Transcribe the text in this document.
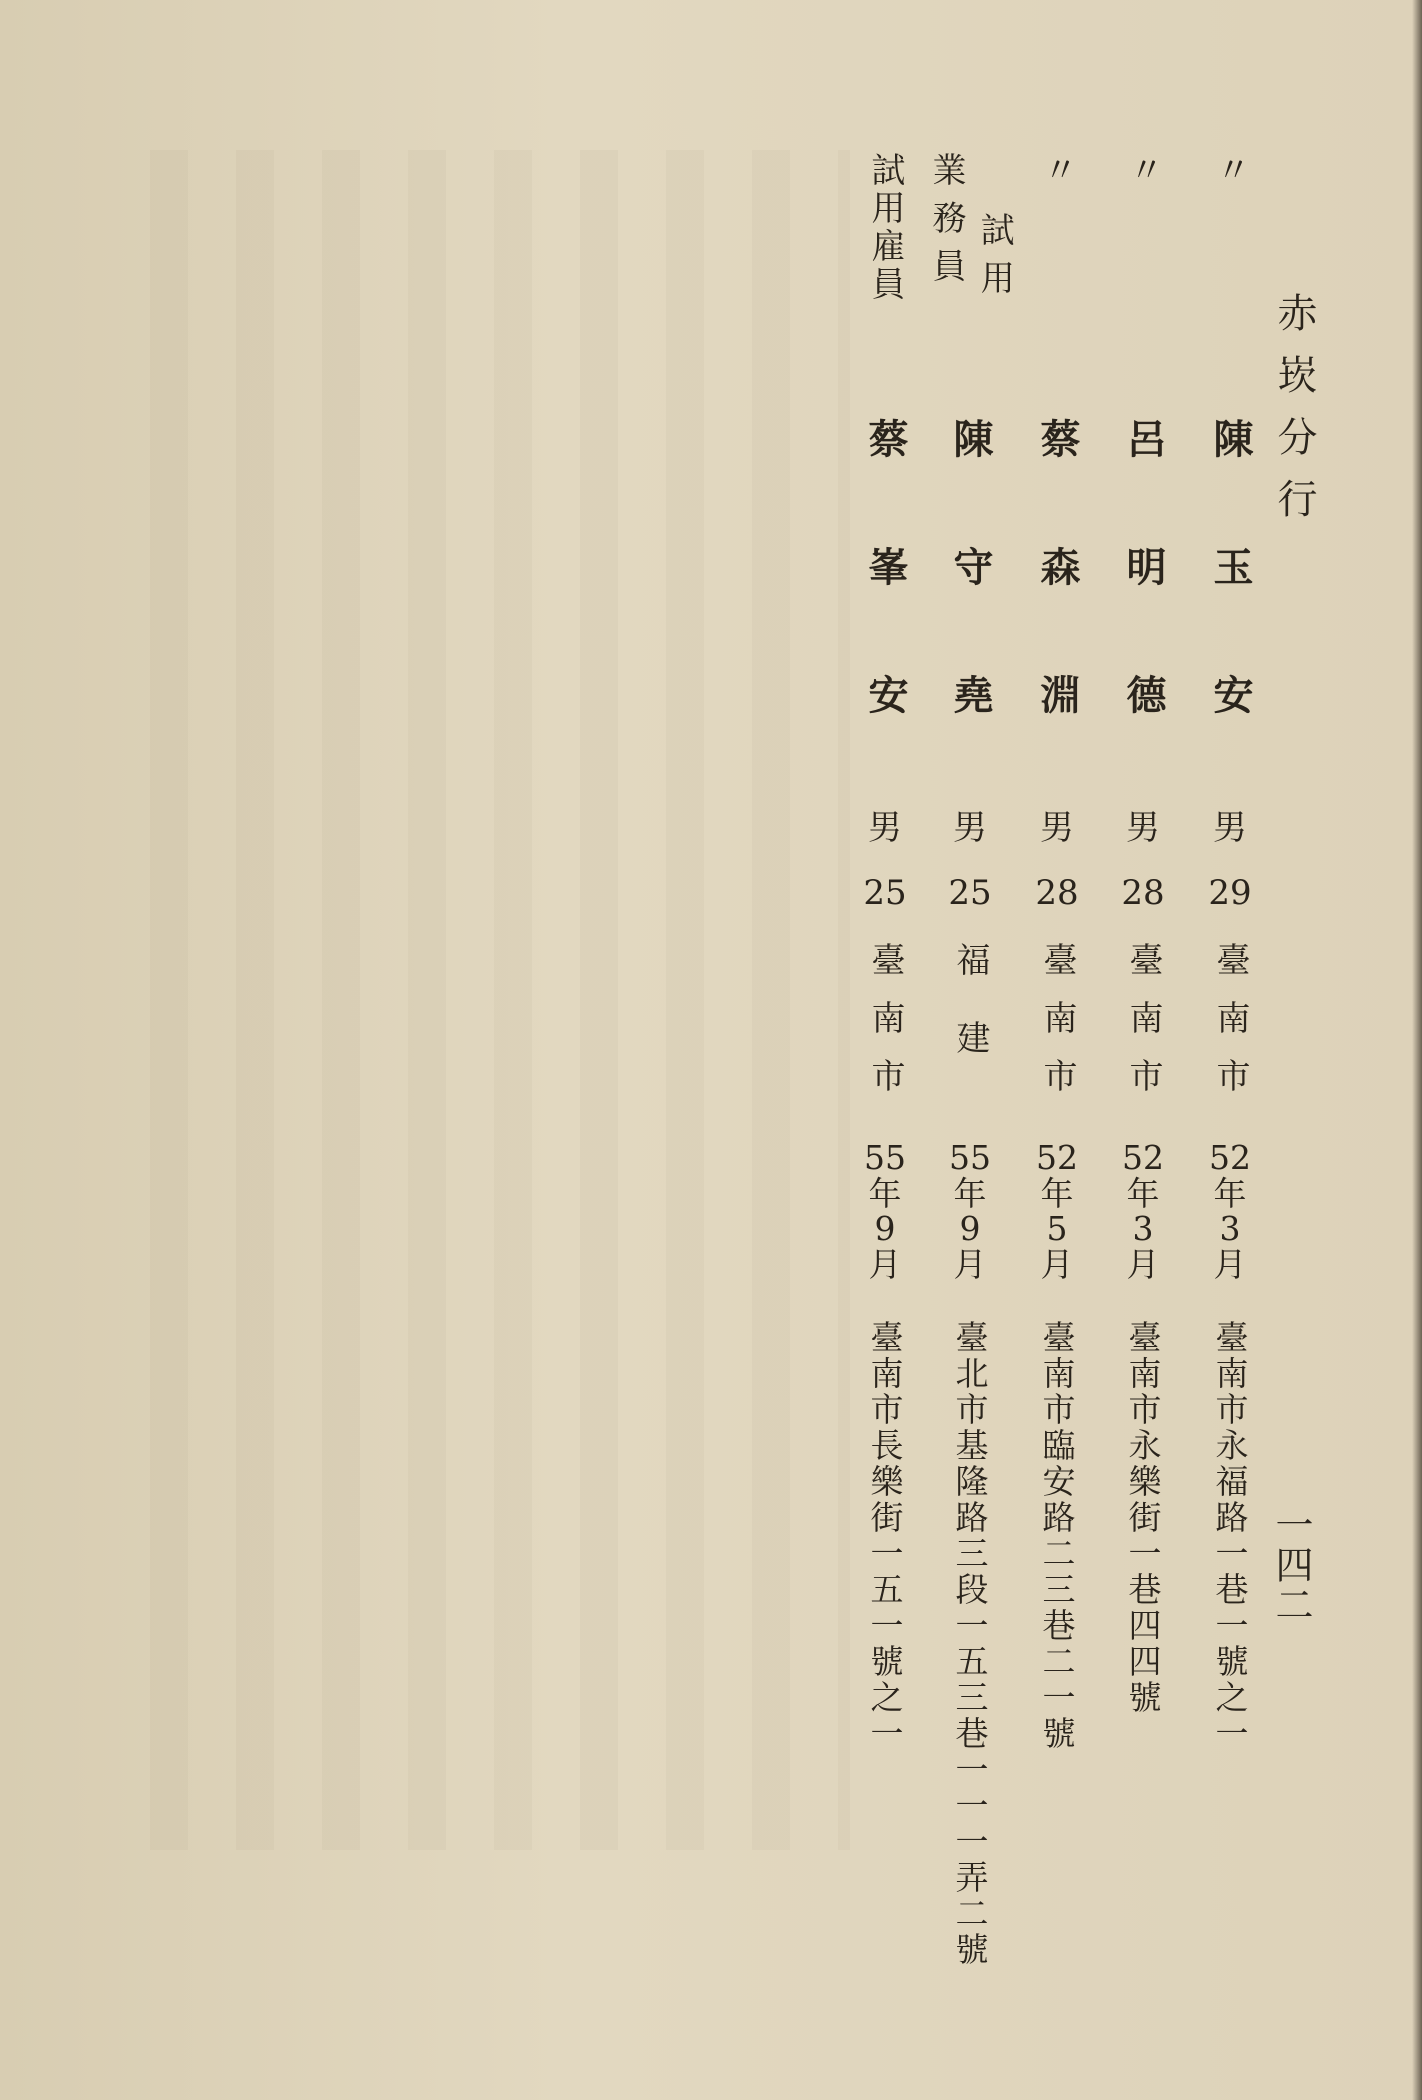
赤崁分行
一四二
〃
陳玉安
男
29
臺南市
52
年
3
月
臺南市永福路一巷一號之一
〃
呂明德
男
28
臺南市
52
年
3
月
臺南市永樂街一巷四四號
〃
蔡森淵
男
28
臺南市
52
年
5
月
臺南市臨安路二三巷二一號
試用
業務員
陳守堯
男
25
福建
55
年
9
月
臺北市基隆路三段一五三巷一一一弄二號
試用雇員
蔡峯安
男
25
臺南市
55
年
9
月
臺南市長樂街一五一號之一
